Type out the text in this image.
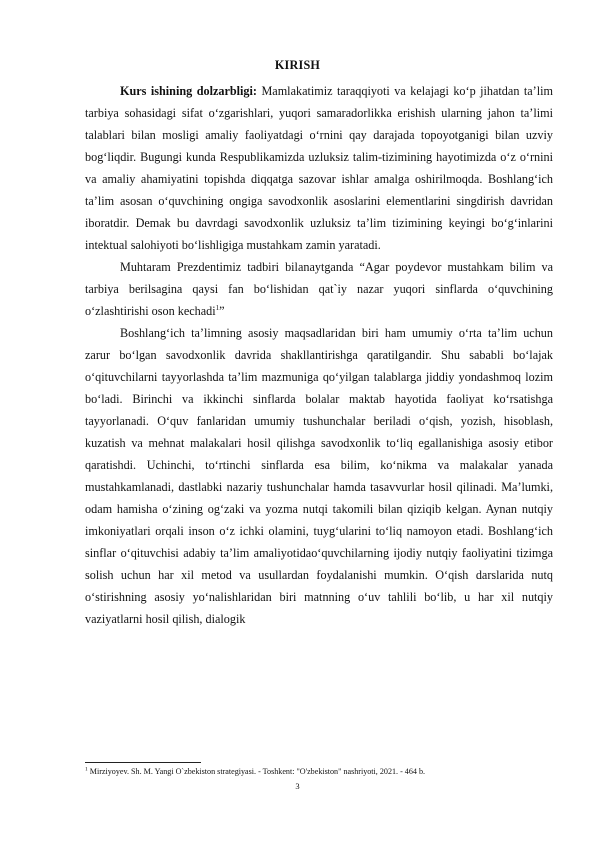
KIRISH

Kurs ishining dolzarbligi: Mamlakatimiz taraqqiyoti va kelajagi ko‘p jihatdan ta’lim tarbiya sohasidagi sifat o‘zgarishlari, yuqori samaradorlikka erishish ularning jahon ta’limi talablari bilan mosligi amaliy faoliyatdagi o‘rnini qay darajada topoyotganigi bilan uzviy bog‘liqdir. Bugungi kunda Respublikamizda uzluksiz talim-tizimining hayotimizda o‘z o‘rnini va amaliy ahamiyatini topishda diqqatga sazovar ishlar amalga oshirilmoqda. Boshlang‘ich ta’lim asosan o‘quvchining ongiga savodxonlik asoslarini elementlarini singdirish davridan iboratdir. Demak bu davrdagi savodxonlik uzluksiz ta’lim tizimining keyingi bo‘g‘inlarini intektual salohiyoti bo‘lishligiga mustahkam zamin yaratadi.

Muhtaram Prezdentimiz tadbiri bilanaytganda “Agar poydevor mustahkam bilim va tarbiya berilsagina qaysi fan bo‘lishidan qat`iy nazar yuqori sinflarda o‘quvchining o‘zlashtirishi oson kechadi$^1$”

Boshlang‘ich ta’limning asosiy maqsadlaridan biri ham umumiy o‘rta ta’lim uchun zarur bo‘lgan savodxonlik davrida shakllantirishga qaratilgandir. Shu sababli bo‘lajak o‘qituvchilarni tayyorlashda ta’lim mazmuniga qo‘yilgan talablarga jiddiy yondashmoq lozim bo‘ladi. Birinchi va ikkinchi sinflarda bolalar maktab hayotida faoliyat ko‘rsatishga tayyorlanadi. O‘quv fanlaridan umumiy tushunchalar beriladi o‘qish, yozish, hisoblash, kuzatish va mehnat malakalari hosil qilishga savodxonlik to‘liq egallanishiga asosiy etibor qaratishdi. Uchinchi, to‘rtinchi sinflarda esa bilim, ko‘nikma va malakalar yanada mustahkamlanadi, dastlabki nazariy tushunchalar hamda tasavvurlar hosil qilinadi. Ma’lumki, odam hamisha o‘zining og‘zaki va yozma nutqi takomili bilan qiziqib kelgan. Aynan nutqiy imkoniyatlari orqali inson o‘z ichki olamini, tuyg‘ularini to‘liq namoyon etadi. Boshlang‘ich sinflar o‘qituvchisi adabiy ta’lim amaliyotidao‘quvchilarning ijodiy nutqiy faoliyatini tizimga solish uchun har xil metod va usullardan foydalanishi mumkin. O‘qish darslarida nutq o‘stirishning asosiy yo‘nalishlaridan biri matnning o‘uv tahlili bo‘lib, u har xil nutqiy vaziyatlarni hosil qilish, dialogik

$^1$ Mirziyoyev. Sh. M. Yangi O`zbekiston strategiyasi. - Toshkent: "O'zbekiston" nashriyoti, 2021. - 464 b.
3
